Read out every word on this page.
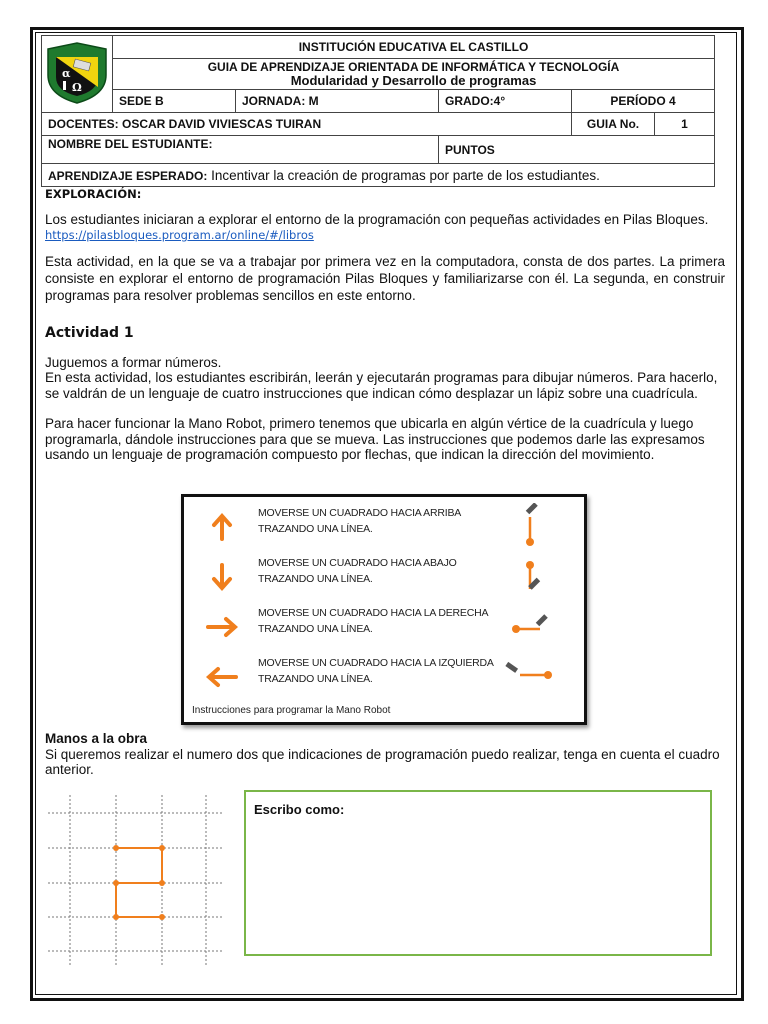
α
Ω
	INSTITUCIÓN EDUCATIVA EL CASTILLO

GUIA DE APRENDIZAJE ORIENTADA DE INFORMÁTICA Y TECNOLOGÍA
Modularidad y Desarrollo de programas

SEDE B	JORNADA: M	GRADO:4°	PERÍODO 4
DOCENTES: OSCAR DAVID VIVIESCAS TUIRAN		GUIA No.	1

NOMBRE DEL ESTUDIANTE:	PUNTOS
APRENDIZAJE ESPERADO: Incentivar la creación de programas por parte de los estudiantes.
EXPLORACIÓN:
Los estudiantes iniciaran a explorar el entorno de la programación con pequeñas actividades en Pilas Bloques.
https://pilasbloques.program.ar/online/#/libros
Esta actividad, en la que se va a trabajar por primera vez en la computadora, consta de dos partes. La primera consiste en explorar el entorno de programación Pilas Bloques y familiarizarse con él. La segunda, en construir programas para resolver problemas sencillos en este entorno.
Actividad 1
Juguemos a formar números.
En esta actividad, los estudiantes escribirán, leerán y ejecutarán programas para dibujar números. Para hacerlo, se valdrán de un lenguaje de cuatro instrucciones que indican cómo desplazar un lápiz sobre una cuadrícula.
Para hacer funcionar la Mano Robot, primero tenemos que ubicarla en algún vértice de la cuadrícula y luego programarla, dándole instrucciones para que se mueva. Las instrucciones que podemos darle las expresamos usando un lenguaje de programación compuesto por flechas, que indican la dirección del movimiento.
MOVERSE UN CUADRADO HACIA ARRIBA
TRAZANDO UNA LÍNEA.
MOVERSE UN CUADRADO HACIA ABAJO
TRAZANDO UNA LÍNEA.
MOVERSE UN CUADRADO HACIA LA DERECHA
TRAZANDO UNA LÍNEA.
MOVERSE UN CUADRADO HACIA LA IZQUIERDA
TRAZANDO UNA LÍNEA.
Instrucciones para programar la Mano Robot
Manos a la obra
Si queremos realizar el numero dos que indicaciones de programación puedo realizar, tenga en cuenta el cuadro anterior.
Escribo como:
